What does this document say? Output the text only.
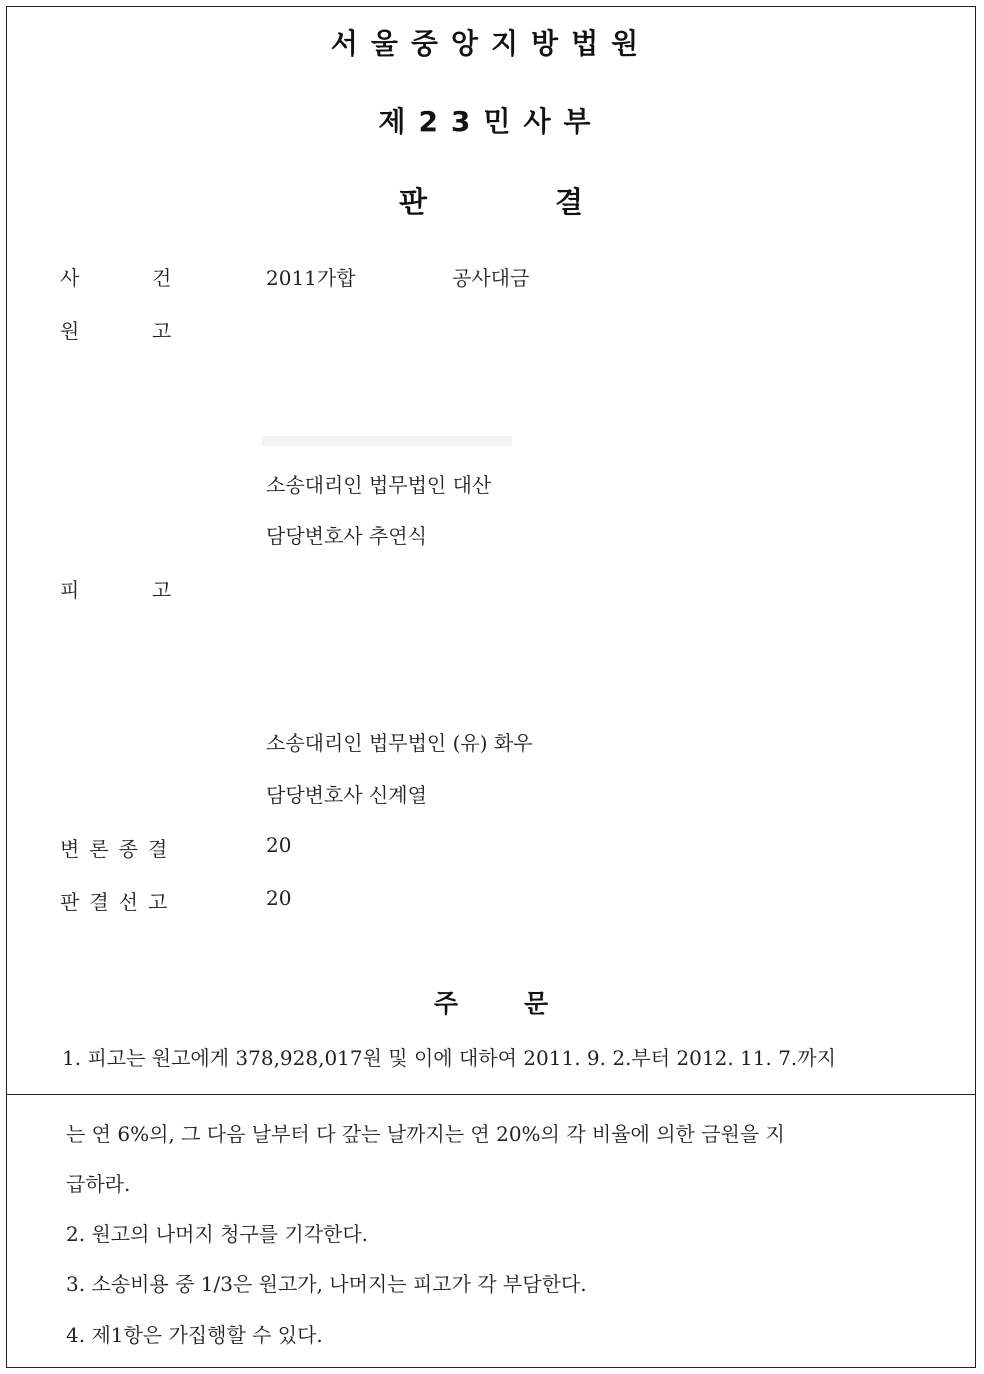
서울중앙지방법원
제23민사부
판	결
사	건	2011가합	공사대금
원	고
소송대리인 법무법인 대산
담당변호사 추연식
피	고
소송대리인 법무법인 (유) 화우
담당변호사 신계열
변론종결	20
판결선고	20
주	문
1. 피고는 원고에게 378,928,017원 및 이에 대하여 2011. 9. 2.부터 2012. 11. 7.까지
는 연 6%의, 그 다음 날부터 다 갚는 날까지는 연 20%의 각 비율에 의한 금원을 지
급하라.
2. 원고의 나머지 청구를 기각한다.
3. 소송비용 중 1/3은 원고가, 나머지는 피고가 각 부담한다.
4. 제1항은 가집행할 수 있다.
